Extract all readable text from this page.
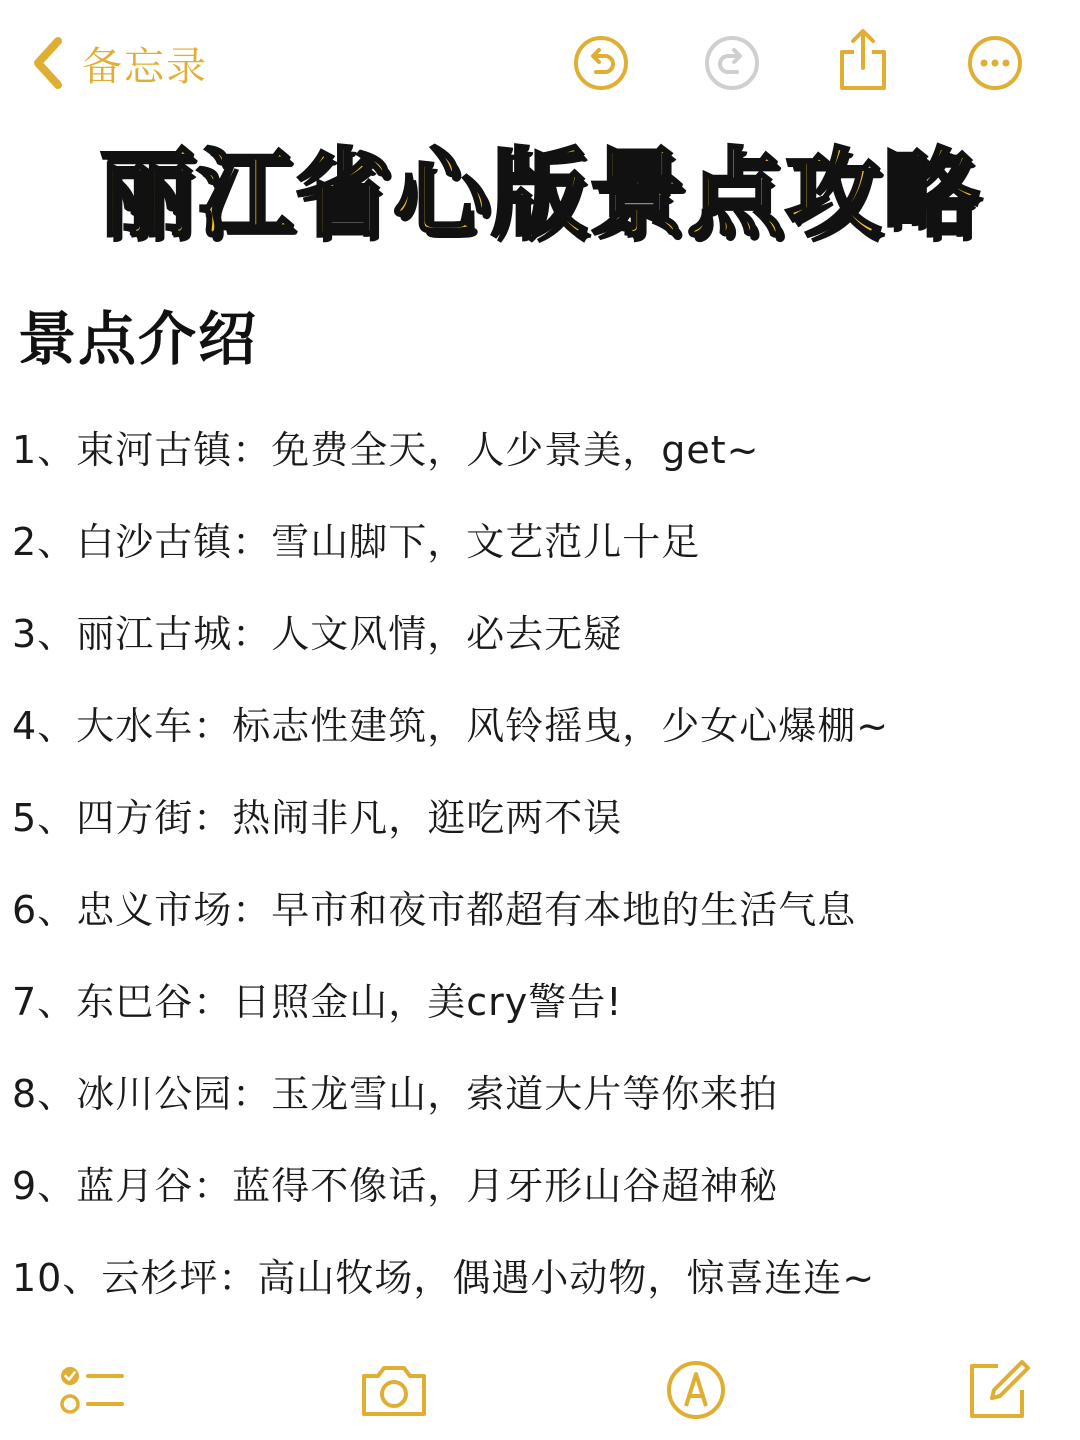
备忘录
丽江省心版景点攻略
景点介绍
1、 束河古镇 ： 免费全天，人少景美，get~
2、 白沙古镇 ： 雪山脚下，文艺范儿十足
3、 丽江古城 ： 人文风情，必去无疑
4、 大水车 ： 标志性建筑，风铃摇曳，少女心爆棚~
5、 四方街 ： 热闹非凡，逛吃两不误
6、 忠义市场 ： 早市和夜市都超有本地的生活气息
7、 东巴谷 ： 日照金山，美cry警告!
8、 冰川公园 ： 玉龙雪山 ，索道大片等你来拍
9、 蓝月谷 ： 蓝得不像话，月牙形山谷超神秘
10、 云杉坪 ： 高山牧场，偶遇小动物，惊喜连连~
